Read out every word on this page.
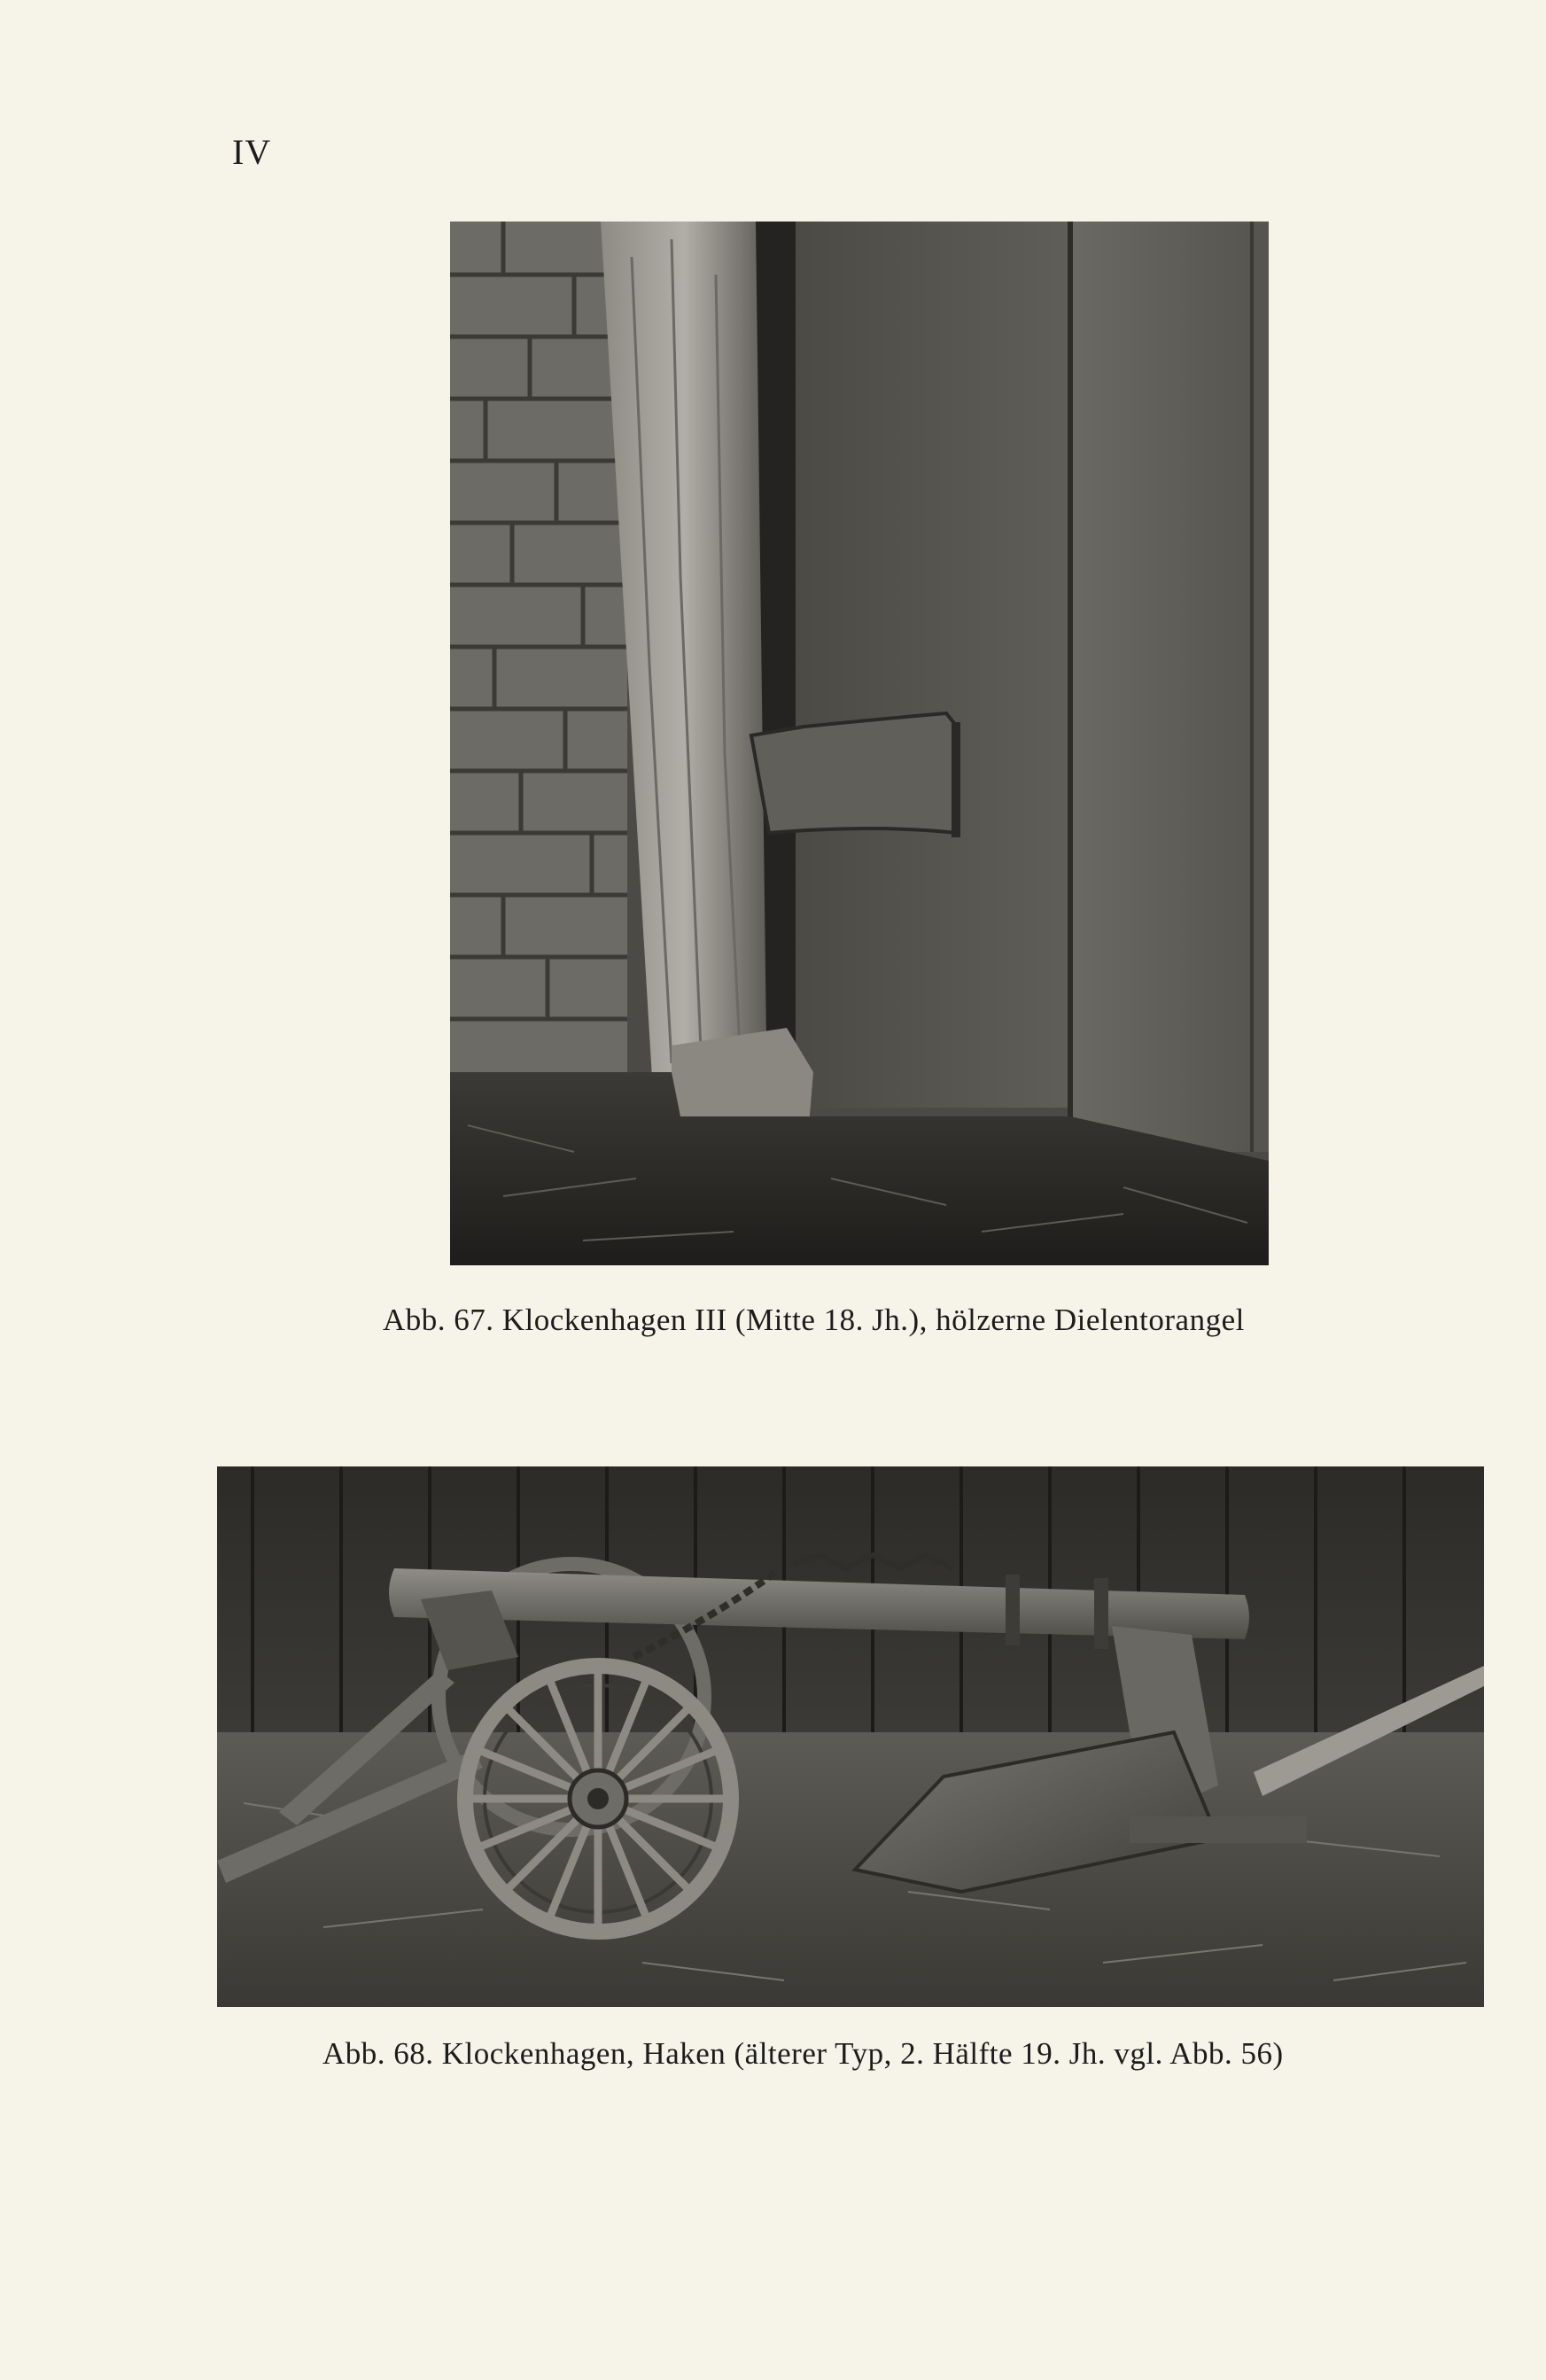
IV
Abb. 67. Klockenhagen III (Mitte 18. Jh.), hölzerne Dielentorangel
Abb. 68. Klockenhagen, Haken (älterer Typ, 2. Hälfte 19. Jh. vgl. Abb. 56)
